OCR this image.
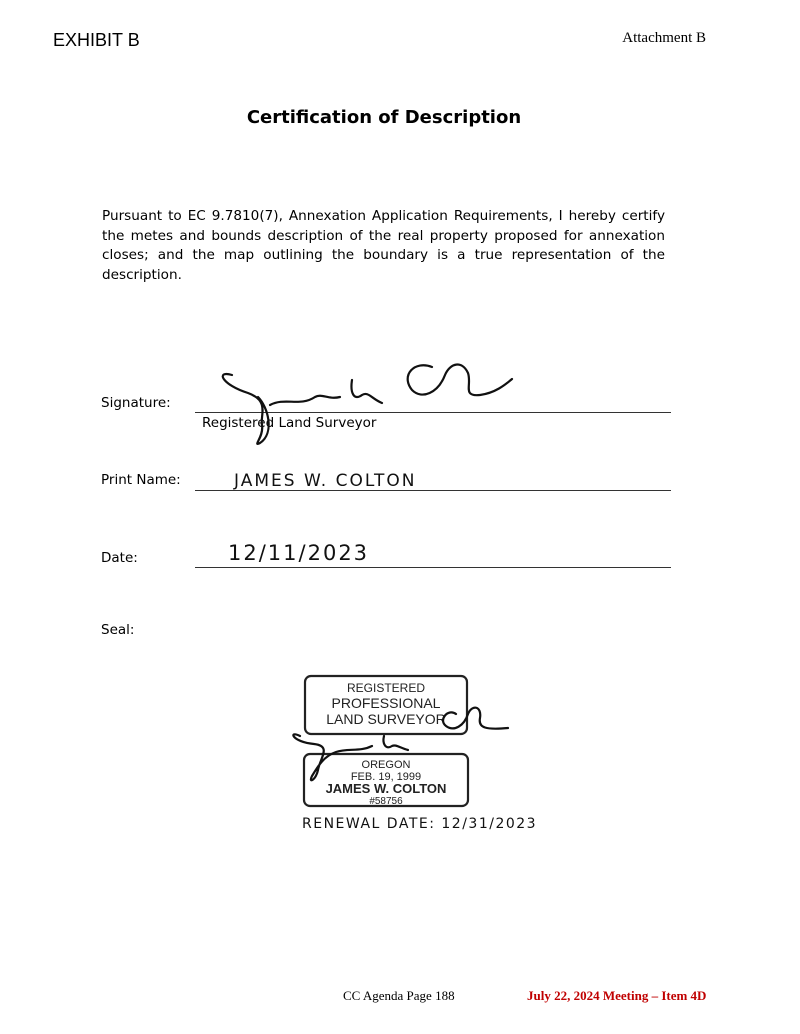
EXHIBIT B	Attachment B
Certification of Description
Pursuant to EC 9.7810(7), Annexation Application Requirements, I hereby certify the metes and bounds description of the real property proposed for annexation closes; and the map outlining the boundary is a true representation of the description.
Signature:
Registered Land Surveyor
Print Name:	JAMES W. COLTON
Date:	12/11/2023
Seal:
REGISTERED
PROFESSIONAL
LAND SURVEYOR
OREGON
FEB. 19, 1999
JAMES W. COLTON
#58756
RENEWAL DATE: 12/31/2023
CC Agenda Page 188	July 22, 2024 Meeting – Item 4D
